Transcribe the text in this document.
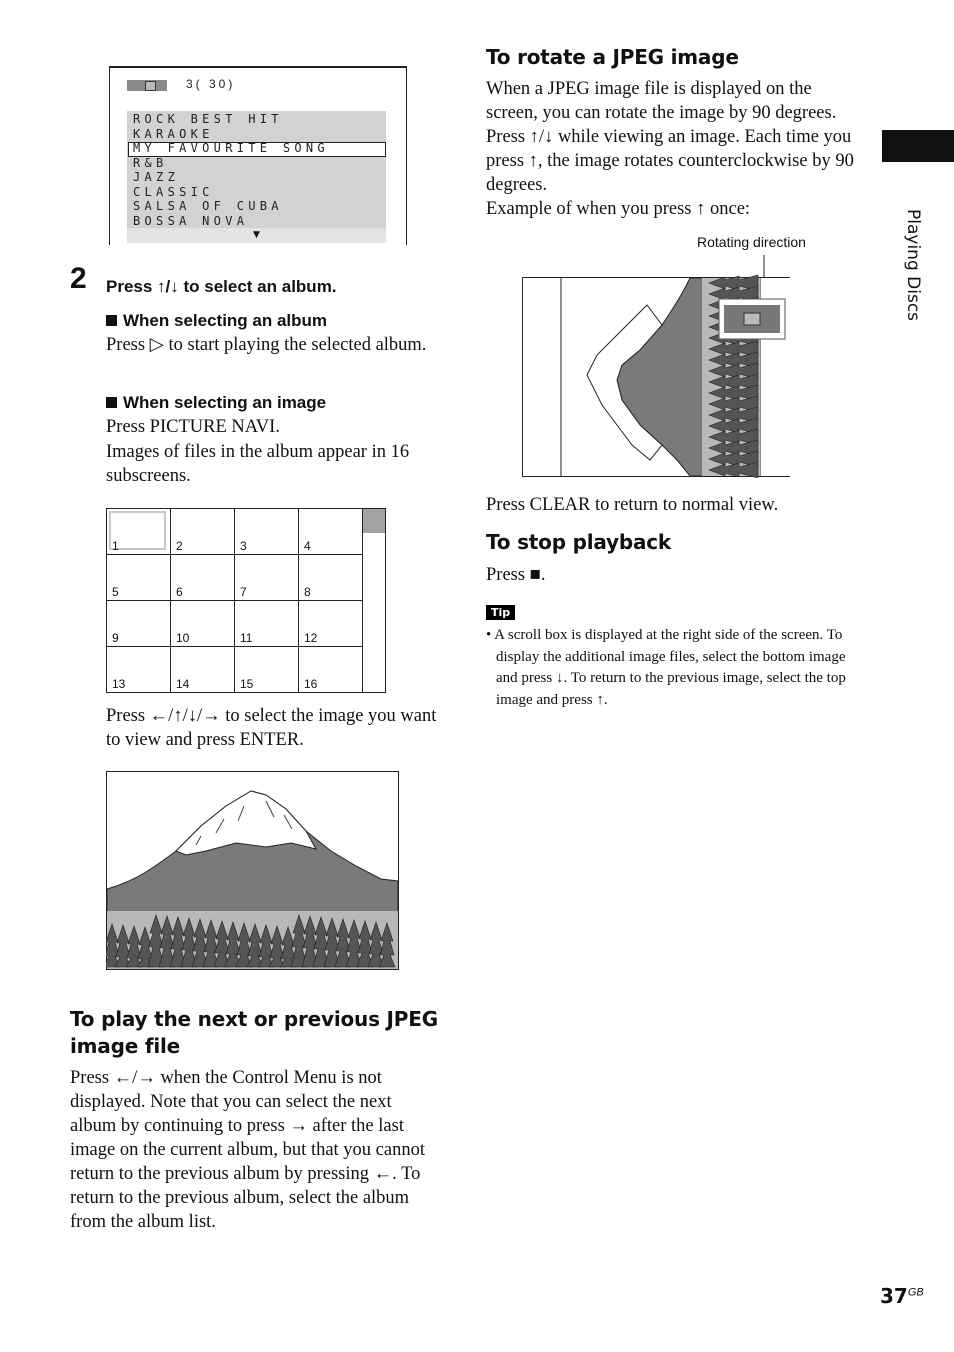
3( 30)
ROCK BEST HIT
KARAOKE
MY FAVOURITE SONG
R&B
JAZZ
CLASSIC
SALSA OF CUBA
BOSSA NOVA
▼
2 Press ↑/↓ to select an album.
When selecting an album

Press ▷ to start playing the selected album.

When selecting an image

Press PICTURE NAVI.

Images of files in the album appear in 16 subscreens.

1	2	3	4
5	6	7	8
9	10	11	12
13	14	15	16

Press ←/↑/↓/→ to select the image you want to view and press ENTER.

To play the next or previous JPEG image file

Press ←/→ when the Control Menu is not displayed. Note that you can select the next album by continuing to press → after the last image on the current album, but that you cannot return to the previous album by pressing ←. To return to the previous album, select the album from the album list.

To rotate a JPEG image

When a JPEG image file is displayed on the screen, you can rotate the image by 90 degrees. Press ↑/↓ while viewing an image. Each time you press ↑, the image rotates counterclockwise by 90 degrees.

Example of when you press ↑ once:

Rotating direction

Press CLEAR to return to normal view.

To stop playback

Press ■.

Tip

• A scroll box is displayed at the right side of the screen. To display the additional image files, select the bottom image and press ↓. To return to the previous image, select the top image and press ↑.

Playing Discs
$37^{GB}$
